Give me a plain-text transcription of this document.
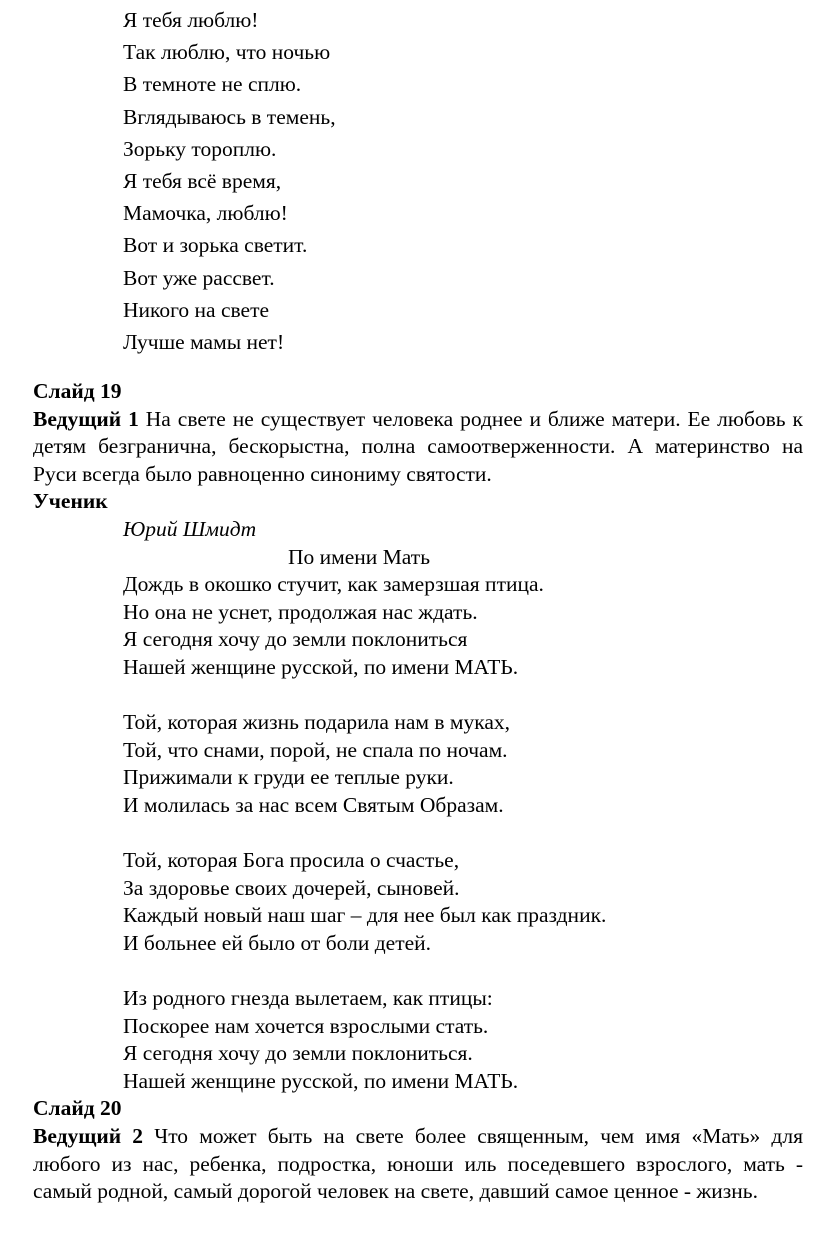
Я тебя люблю!
Так люблю, что ночью
В темноте не сплю.
Вглядываюсь в темень,
Зорьку тороплю.
Я тебя всё время,
Мамочка, люблю!
Вот и зорька светит.
Вот уже рассвет.
Никого на свете
Лучше мамы нет!

Слайд 19

Ведущий 1 На свете не существует человека роднее и ближе матери. Ее любовь к детям безгранична, бескорыстна, полна самоотверженности. А материнство на Руси всегда было равноценно синониму святости.

Ученик

Юрий Шмидт

По имени Мать

Дождь в окошко стучит, как замерзшая птица.
Но она не уснет, продолжая нас ждать.
Я сегодня хочу до земли поклониться
Нашей женщине русской, по имени МАТЬ.
Той, которая жизнь подарила нам в муках,
Той, что снами, порой, не спала по ночам.
Прижимали к груди ее теплые руки.
И молилась за нас всем Святым Образам.
Той, которая Бога просила о счастье,
За здоровье своих дочерей, сыновей.
Каждый новый наш шаг – для нее был как праздник.
И больнее ей было от боли детей.
Из родного гнезда вылетаем, как птицы:
Поскорее нам хочется взрослыми стать.
Я сегодня хочу до земли поклониться.
Нашей женщине русской, по имени МАТЬ.

Слайд 20

Ведущий 2 Что может быть на свете более священным, чем имя «Мать» для любого из нас, ребенка, подростка, юноши иль поседевшего взрослого, мать - самый родной, самый дорогой человек на свете, давший самое ценное - жизнь.
